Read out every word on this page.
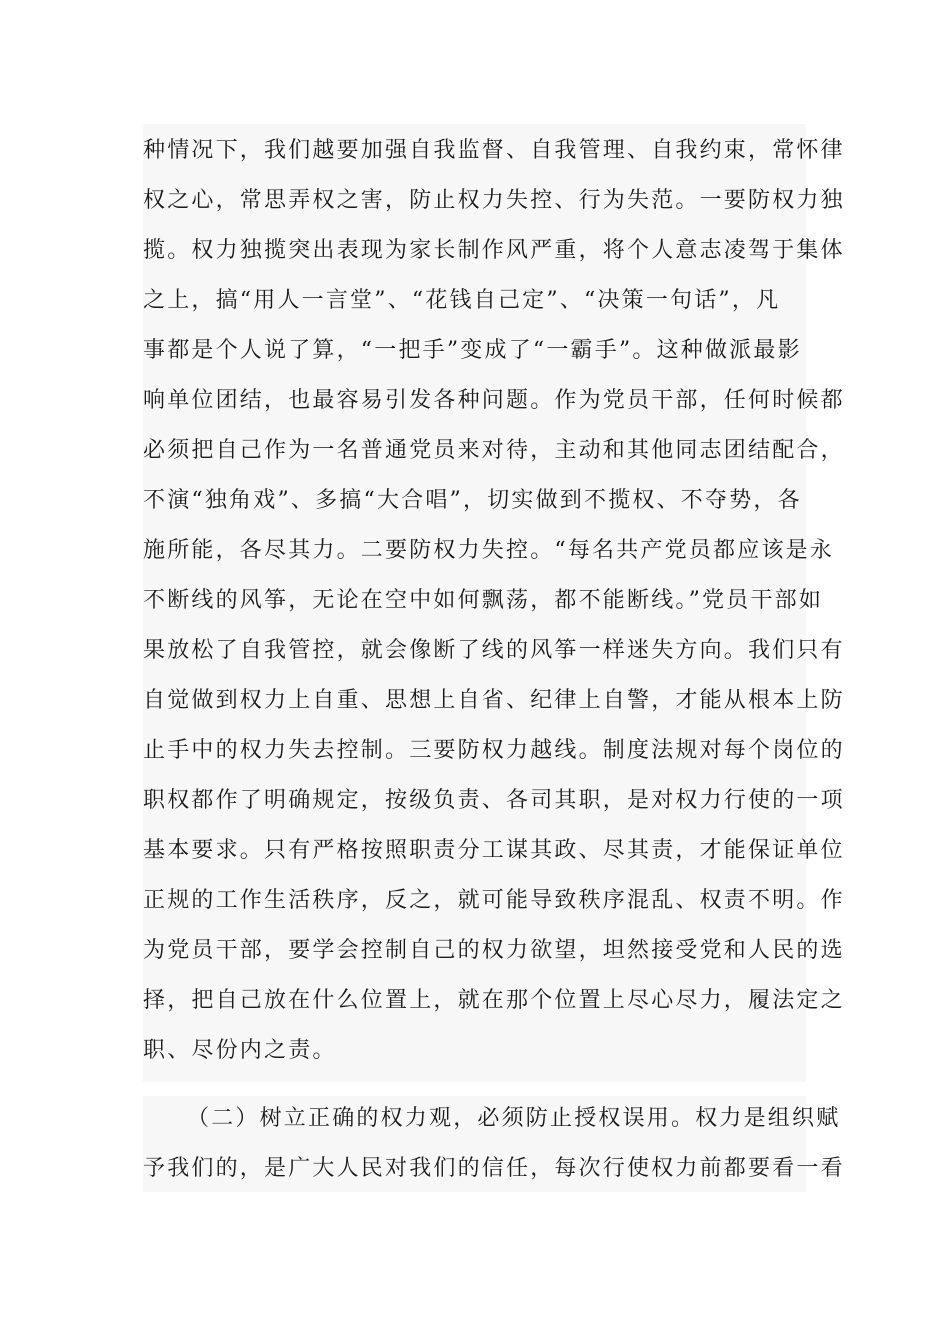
种情况下，我们越要加强自我监督、自我管理、自我约束，常怀律
权之心，常思弄权之害，防止权力失控、行为失范。一要防权力独
揽。权力独揽突出表现为家长制作风严重，将个人意志凌驾于集体
之上，搞“用人一言堂”、“花钱自己定”、“决策一句话”，凡
事都是个人说了算，“一把手”变成了“一霸手”。这种做派最影
响单位团结，也最容易引发各种问题。作为党员干部，任何时候都
必须把自己作为一名普通党员来对待，主动和其他同志团结配合，
不演“独角戏”、多搞“大合唱”，切实做到不揽权、不夺势，各
施所能，各尽其力。二要防权力失控。“每名共产党员都应该是永
不断线的风筝，无论在空中如何飘荡，都不能断线。”党员干部如
果放松了自我管控，就会像断了线的风筝一样迷失方向。我们只有
自觉做到权力上自重、思想上自省、纪律上自警，才能从根本上防
止手中的权力失去控制。三要防权力越线。制度法规对每个岗位的
职权都作了明确规定，按级负责、各司其职，是对权力行使的一项
基本要求。只有严格按照职责分工谋其政、尽其责，才能保证单位
正规的工作生活秩序，反之，就可能导致秩序混乱、权责不明。作
为党员干部，要学会控制自己的权力欲望，坦然接受党和人民的选
择，把自己放在什么位置上，就在那个位置上尽心尽力，履法定之
职、尽份内之责。
（二）树立正确的权力观，必须防止授权误用。权力是组织赋
予我们的，是广大人民对我们的信任，每次行使权力前都要看一看
